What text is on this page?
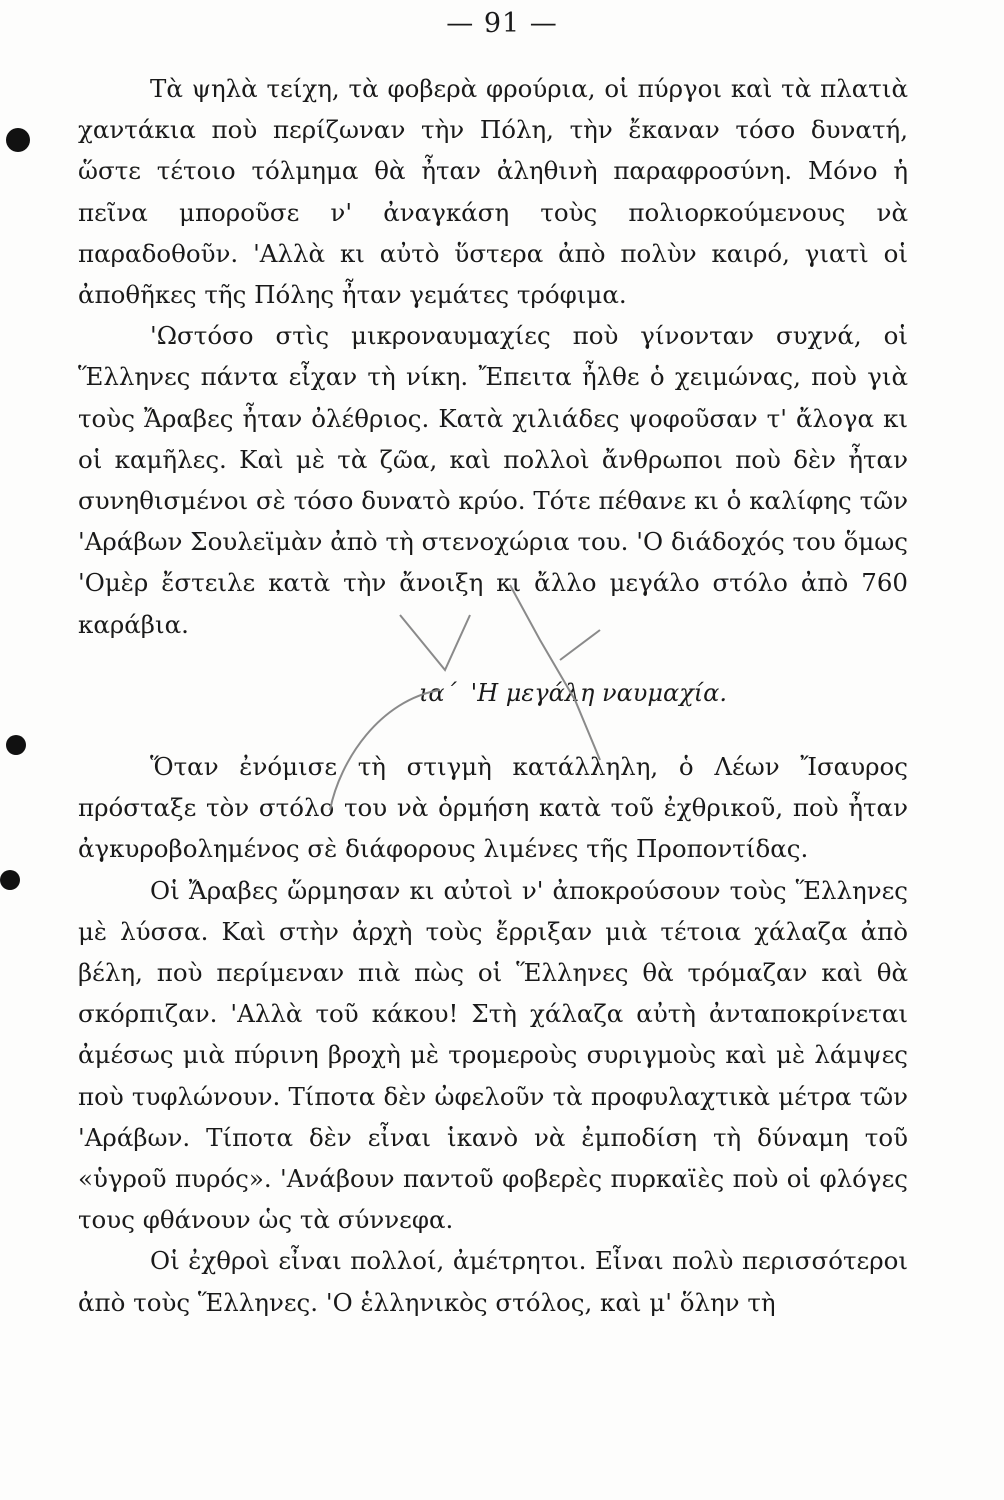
— 91 —

Τὰ ψηλὰ τείχη, τὰ φοβερὰ φρούρια, οἱ πύργοι καὶ τὰ πλατιὰ χαντάκια ποὺ περίζωναν τὴν Πόλη, τὴν ἔκαναν τόσο δυνατή, ὥστε τέτοιο τόλμημα θὰ ἦταν ἀληθινὴ παραφροσύνη. Μόνο ἡ πεῖνα μποροῦσε ν' ἀναγκάση τοὺς πολιορκούμενους νὰ παραδοθοῦν. 'Αλλὰ κι αὐτὸ ὕστερα ἀπὸ πολὺν καιρό, γιατὶ οἱ ἀποθῆκες τῆς Πόλης ἦταν γεμάτες τρόφιμα.

'Ωστόσο στὶς μικροναυμαχίες ποὺ γίνονταν συχνά, οἱ Ἕλληνες πάντα εἶχαν τὴ νίκη. Ἔπειτα ἦλθε ὁ χειμώνας, ποὺ γιὰ τοὺς Ἄραβες ἦταν ὀλέθριος. Κατὰ χιλιάδες ψοφοῦσαν τ' ἄλογα κι οἱ καμῆλες. Καὶ μὲ τὰ ζῶα, καὶ πολλοὶ ἄνθρωποι ποὺ δὲν ἦταν συνηθισμένοι σὲ τόσο δυνατὸ κρύο. Τότε πέθανε κι ὁ καλίφης τῶν 'Αράβων Σουλεϊμὰν ἀπὸ τὴ στενοχώρια του. 'Ο διάδοχός του ὅμως 'Ομὲρ ἔστειλε κατὰ τὴν ἄνοιξη κι ἄλλο μεγάλο στόλο ἀπὸ 760 καράβια.

ια΄ 'Η μεγάλη ναυμαχία.

Ὅταν ἐνόμισε τὴ στιγμὴ κατάλληλη, ὁ Λέων Ἴσαυρος πρόσταξε τὸν στόλο του νὰ ὁρμήση κατὰ τοῦ ἐχθρικοῦ, ποὺ ἦταν ἀγκυροβολημένος σὲ διάφορους λιμένες τῆς Προποντίδας.

Οἱ Ἄραβες ὥρμησαν κι αὐτοὶ ν' ἀποκρούσουν τοὺς Ἕλληνες μὲ λύσσα. Καὶ στὴν ἀρχὴ τοὺς ἔρριξαν μιὰ τέτοια χάλαζα ἀπὸ βέλη, ποὺ περίμεναν πιὰ πὼς οἱ Ἕλληνες θὰ τρόμαζαν καὶ θὰ σκόρπιζαν. 'Αλλὰ τοῦ κάκου! Στὴ χάλαζα αὐτὴ ἀνταποκρίνεται ἀμέσως μιὰ πύρινη βροχὴ μὲ τρομεροὺς συριγμοὺς καὶ μὲ λάμψες ποὺ τυφλώνουν. Τίποτα δὲν ὠφελοῦν τὰ προφυλαχτικὰ μέτρα τῶν 'Αράβων. Τίποτα δὲν εἶναι ἱκανὸ νὰ ἐμποδίση τὴ δύναμη τοῦ «ὑγροῦ πυρός». 'Ανάβουν παντοῦ φοβερὲς πυρκαϊὲς ποὺ οἱ φλόγες τους φθάνουν ὡς τὰ σύννεφα.

Οἱ ἐχθροὶ εἶναι πολλοί, ἀμέτρητοι. Εἶναι πολὺ περισσότεροι ἀπὸ τοὺς Ἕλληνες. 'Ο ἑλληνικὸς στόλος, καὶ μ' ὅλην τὴ
